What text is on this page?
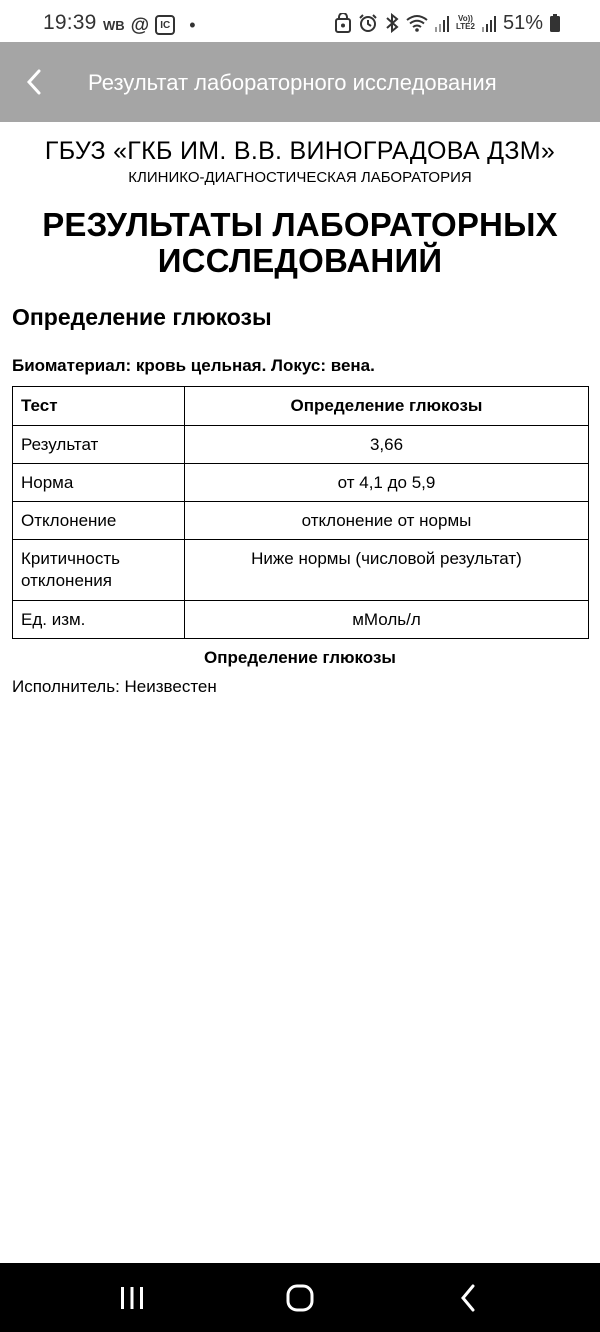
19:39 WB @	IC •	Vo))
LTE2 51%
Результат лабораторного исследования
ГБУЗ «ГКБ ИМ. В.В. ВИНОГРАДОВА ДЗМ»
КЛИНИКО-ДИАГНОСТИЧЕСКАЯ ЛАБОРАТОРИЯ
РЕЗУЛЬТАТЫ ЛАБОРАТОРНЫХ
ИССЛЕДОВАНИЙ
Определение глюкозы
Биоматериал: кровь цельная. Локус: вена.
Тест	Определение глюкозы
Результат	3,66
Норма	от 4,1 до 5,9
Отклонение	отклонение от нормы
Критичность отклонения	Ниже нормы (числовой результат)
Ед. изм.	мМоль/л
Определение глюкозы
Исполнитель: Неизвестен
